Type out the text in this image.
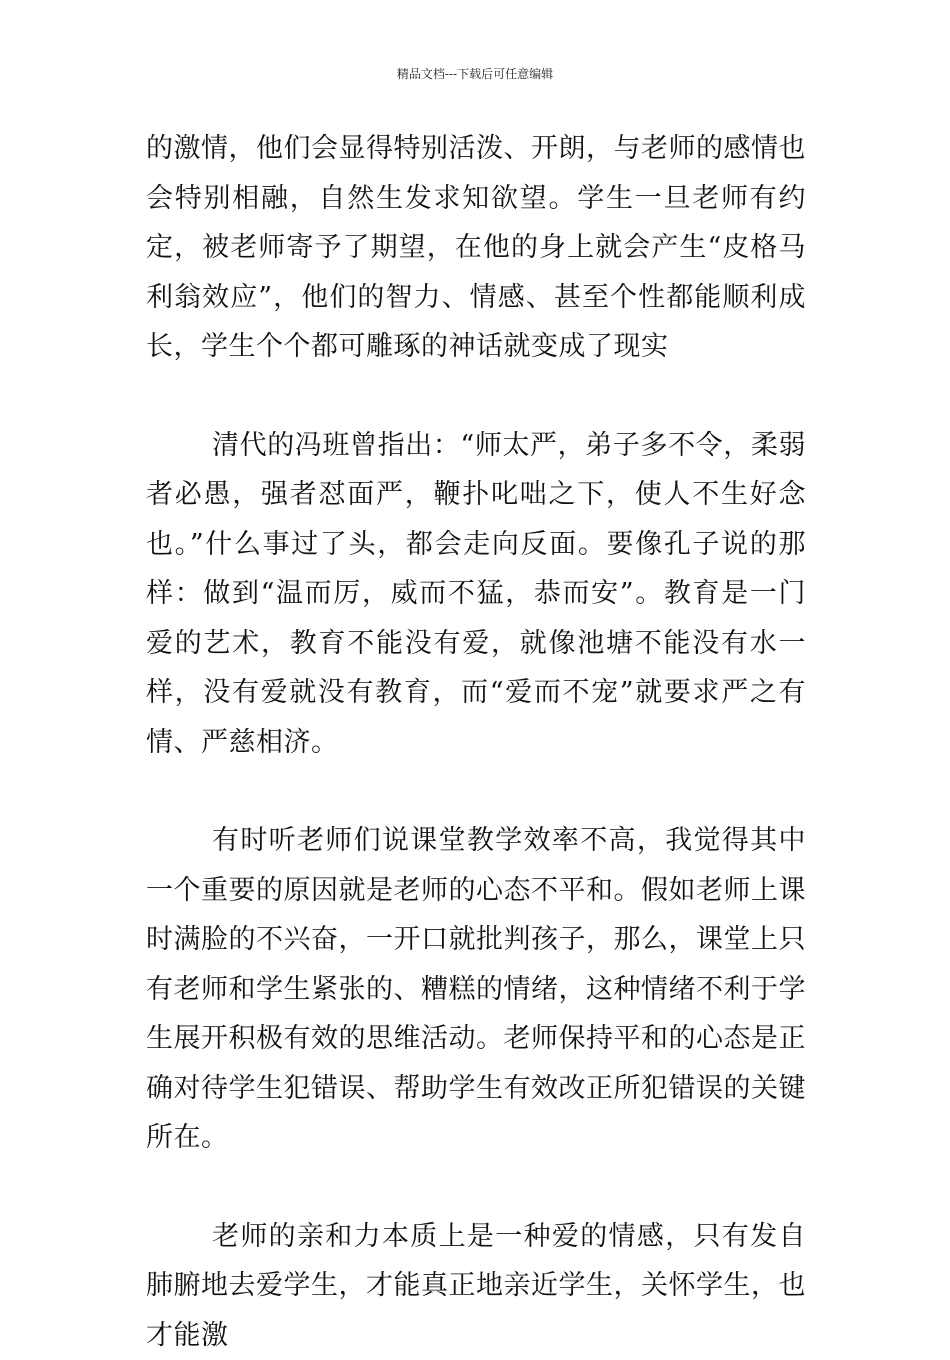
精品文档---下载后可任意编辑

的激情，他们会显得特别活泼、开朗，与老师的感情也会特别相融，自然生发求知欲望。学生一旦老师有约定，被老师寄予了期望，在他的身上就会产生“皮格马利翁效应”，他们的智力、情感、甚至个性都能顺利成长，学生个个都可雕琢的神话就变成了现实

清代的冯班曾指出：“师太严，弟子多不令，柔弱者必愚，强者怼面严，鞭扑叱咄之下，使人不生好念也。”什么事过了头，都会走向反面。要像孔子说的那样：做到“温而厉，威而不猛，恭而安”。教育是一门爱的艺术，教育不能没有爱，就像池塘不能没有水一样，没有爱就没有教育，而“爱而不宠”就要求严之有情、严慈相济。

有时听老师们说课堂教学效率不高，我觉得其中一个重要的原因就是老师的心态不平和。假如老师上课时满脸的不兴奋，一开口就批判孩子，那么，课堂上只有老师和学生紧张的、糟糕的情绪，这种情绪不利于学生展开积极有效的思维活动。老师保持平和的心态是正确对待学生犯错误、帮助学生有效改正所犯错误的关键所在。

老师的亲和力本质上是一种爱的情感，只有发自肺腑地去爱学生，才能真正地亲近学生，关怀学生，也才能激
